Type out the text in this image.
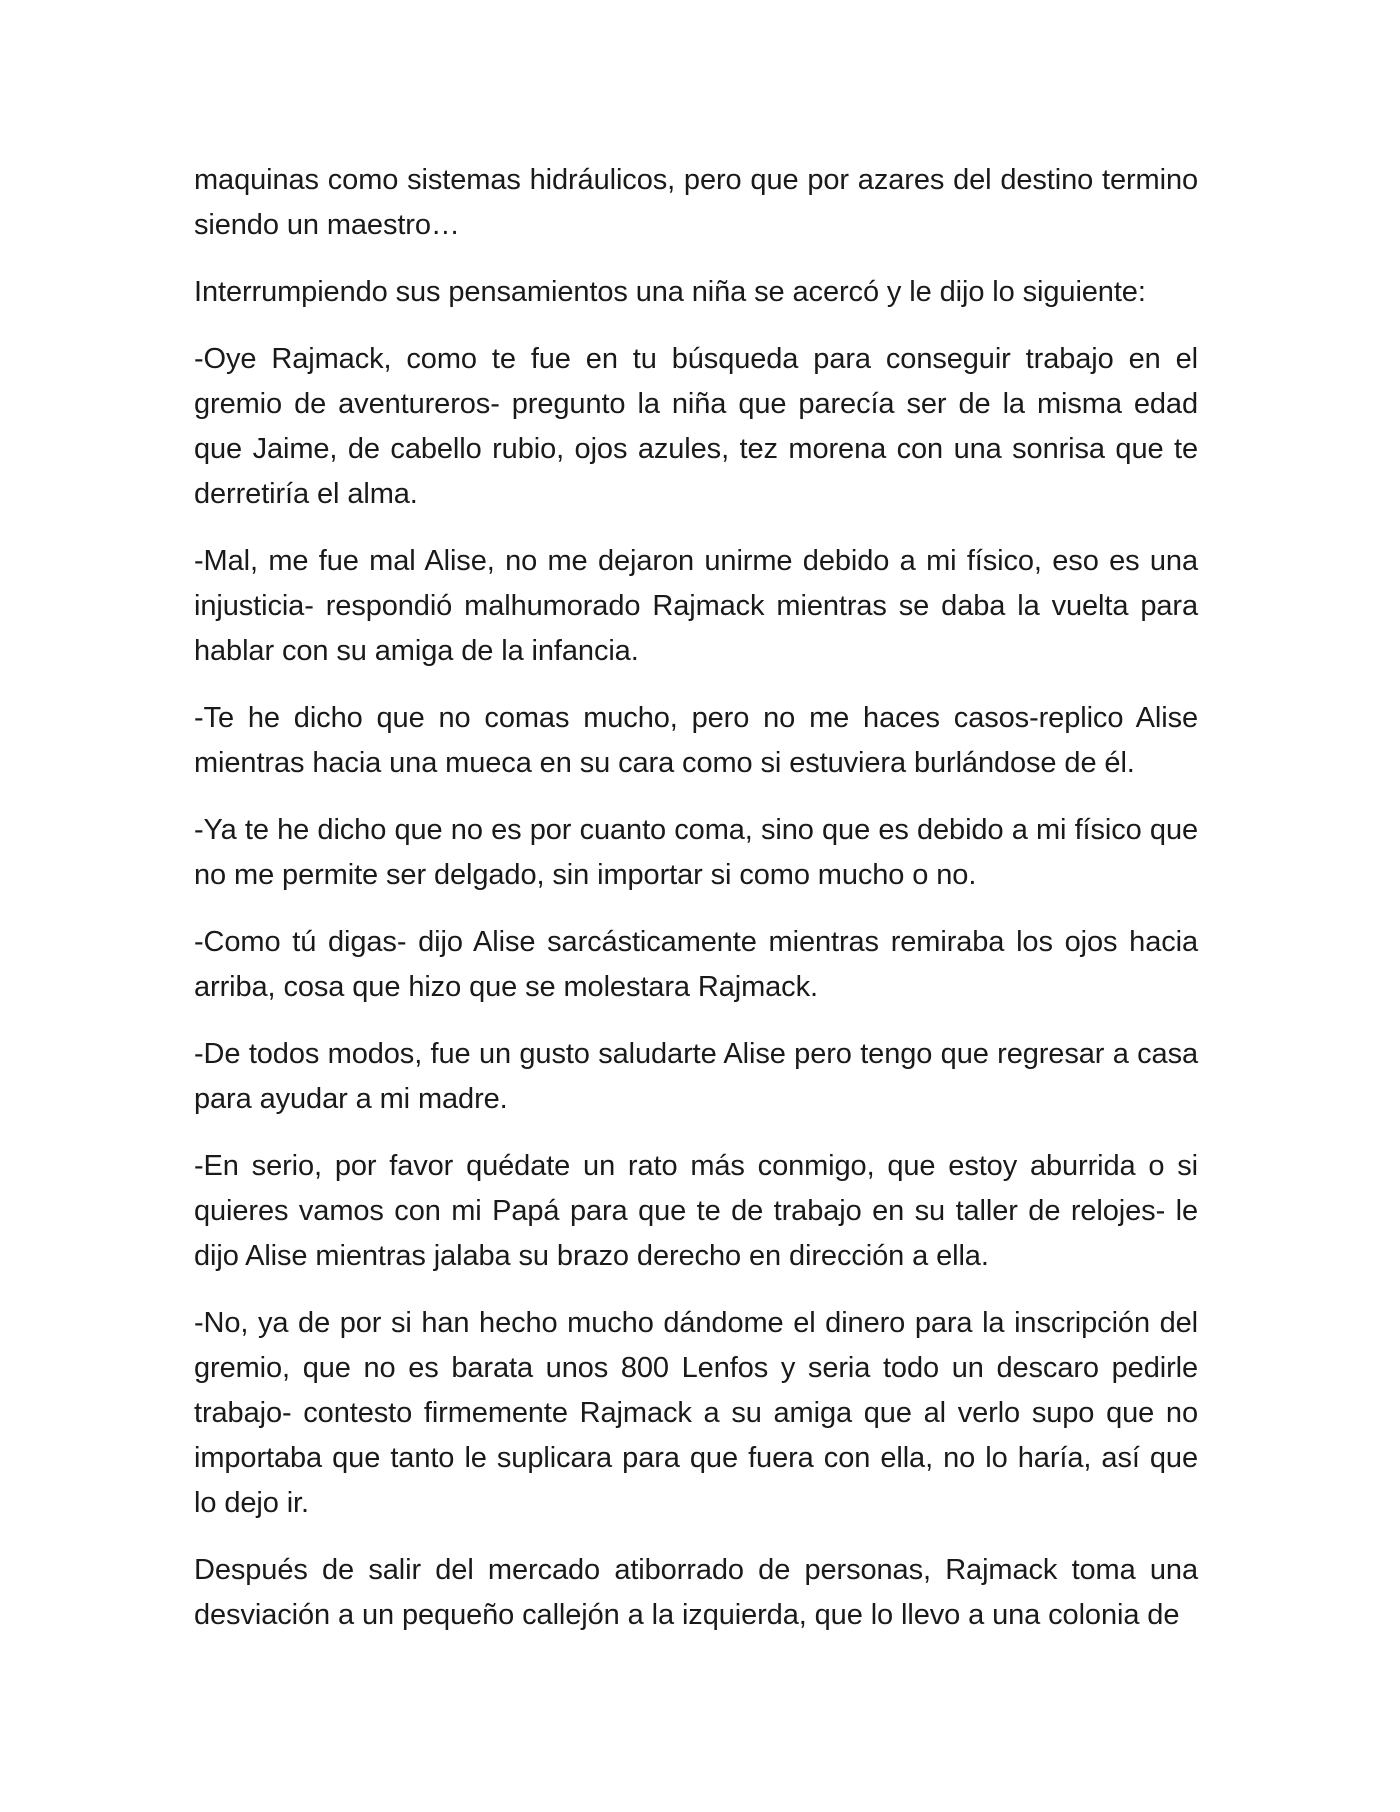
maquinas como sistemas hidráulicos, pero que por azares del destino termino siendo un maestro…

Interrumpiendo sus pensamientos una niña se acercó y le dijo lo siguiente:

-Oye Rajmack, como te fue en tu búsqueda para conseguir trabajo en el gremio de aventureros- pregunto la niña que parecía ser de la misma edad que Jaime, de cabello rubio, ojos azules, tez morena con una sonrisa que te derretiría el alma.

-Mal, me fue mal Alise, no me dejaron unirme debido a mi físico, eso es una injusticia- respondió malhumorado Rajmack mientras se daba la vuelta para hablar con su amiga de la infancia.

-Te he dicho que no comas mucho, pero no me haces casos-replico Alise mientras hacia una mueca en su cara como si estuviera burlándose de él.

-Ya te he dicho que no es por cuanto coma, sino que es debido a mi físico que no me permite ser delgado, sin importar si como mucho o no.

-Como tú digas- dijo Alise sarcásticamente mientras remiraba los ojos hacia arriba, cosa que hizo que se molestara Rajmack.

-De todos modos, fue un gusto saludarte Alise pero tengo que regresar a casa para ayudar a mi madre.

-En serio, por favor quédate un rato más conmigo, que estoy aburrida o si quieres vamos con mi Papá para que te de trabajo en su taller de relojes- le dijo Alise mientras jalaba su brazo derecho en dirección a ella.

-No, ya de por si han hecho mucho dándome el dinero para la inscripción del gremio, que no es barata unos 800 Lenfos y seria todo un descaro pedirle trabajo- contesto firmemente Rajmack a su amiga que al verlo supo que no importaba que tanto le suplicara para que fuera con ella, no lo haría, así que lo dejo ir.

Después de salir del mercado atiborrado de personas, Rajmack toma una desviación a un pequeño callejón a la izquierda, que lo llevo a una colonia de
